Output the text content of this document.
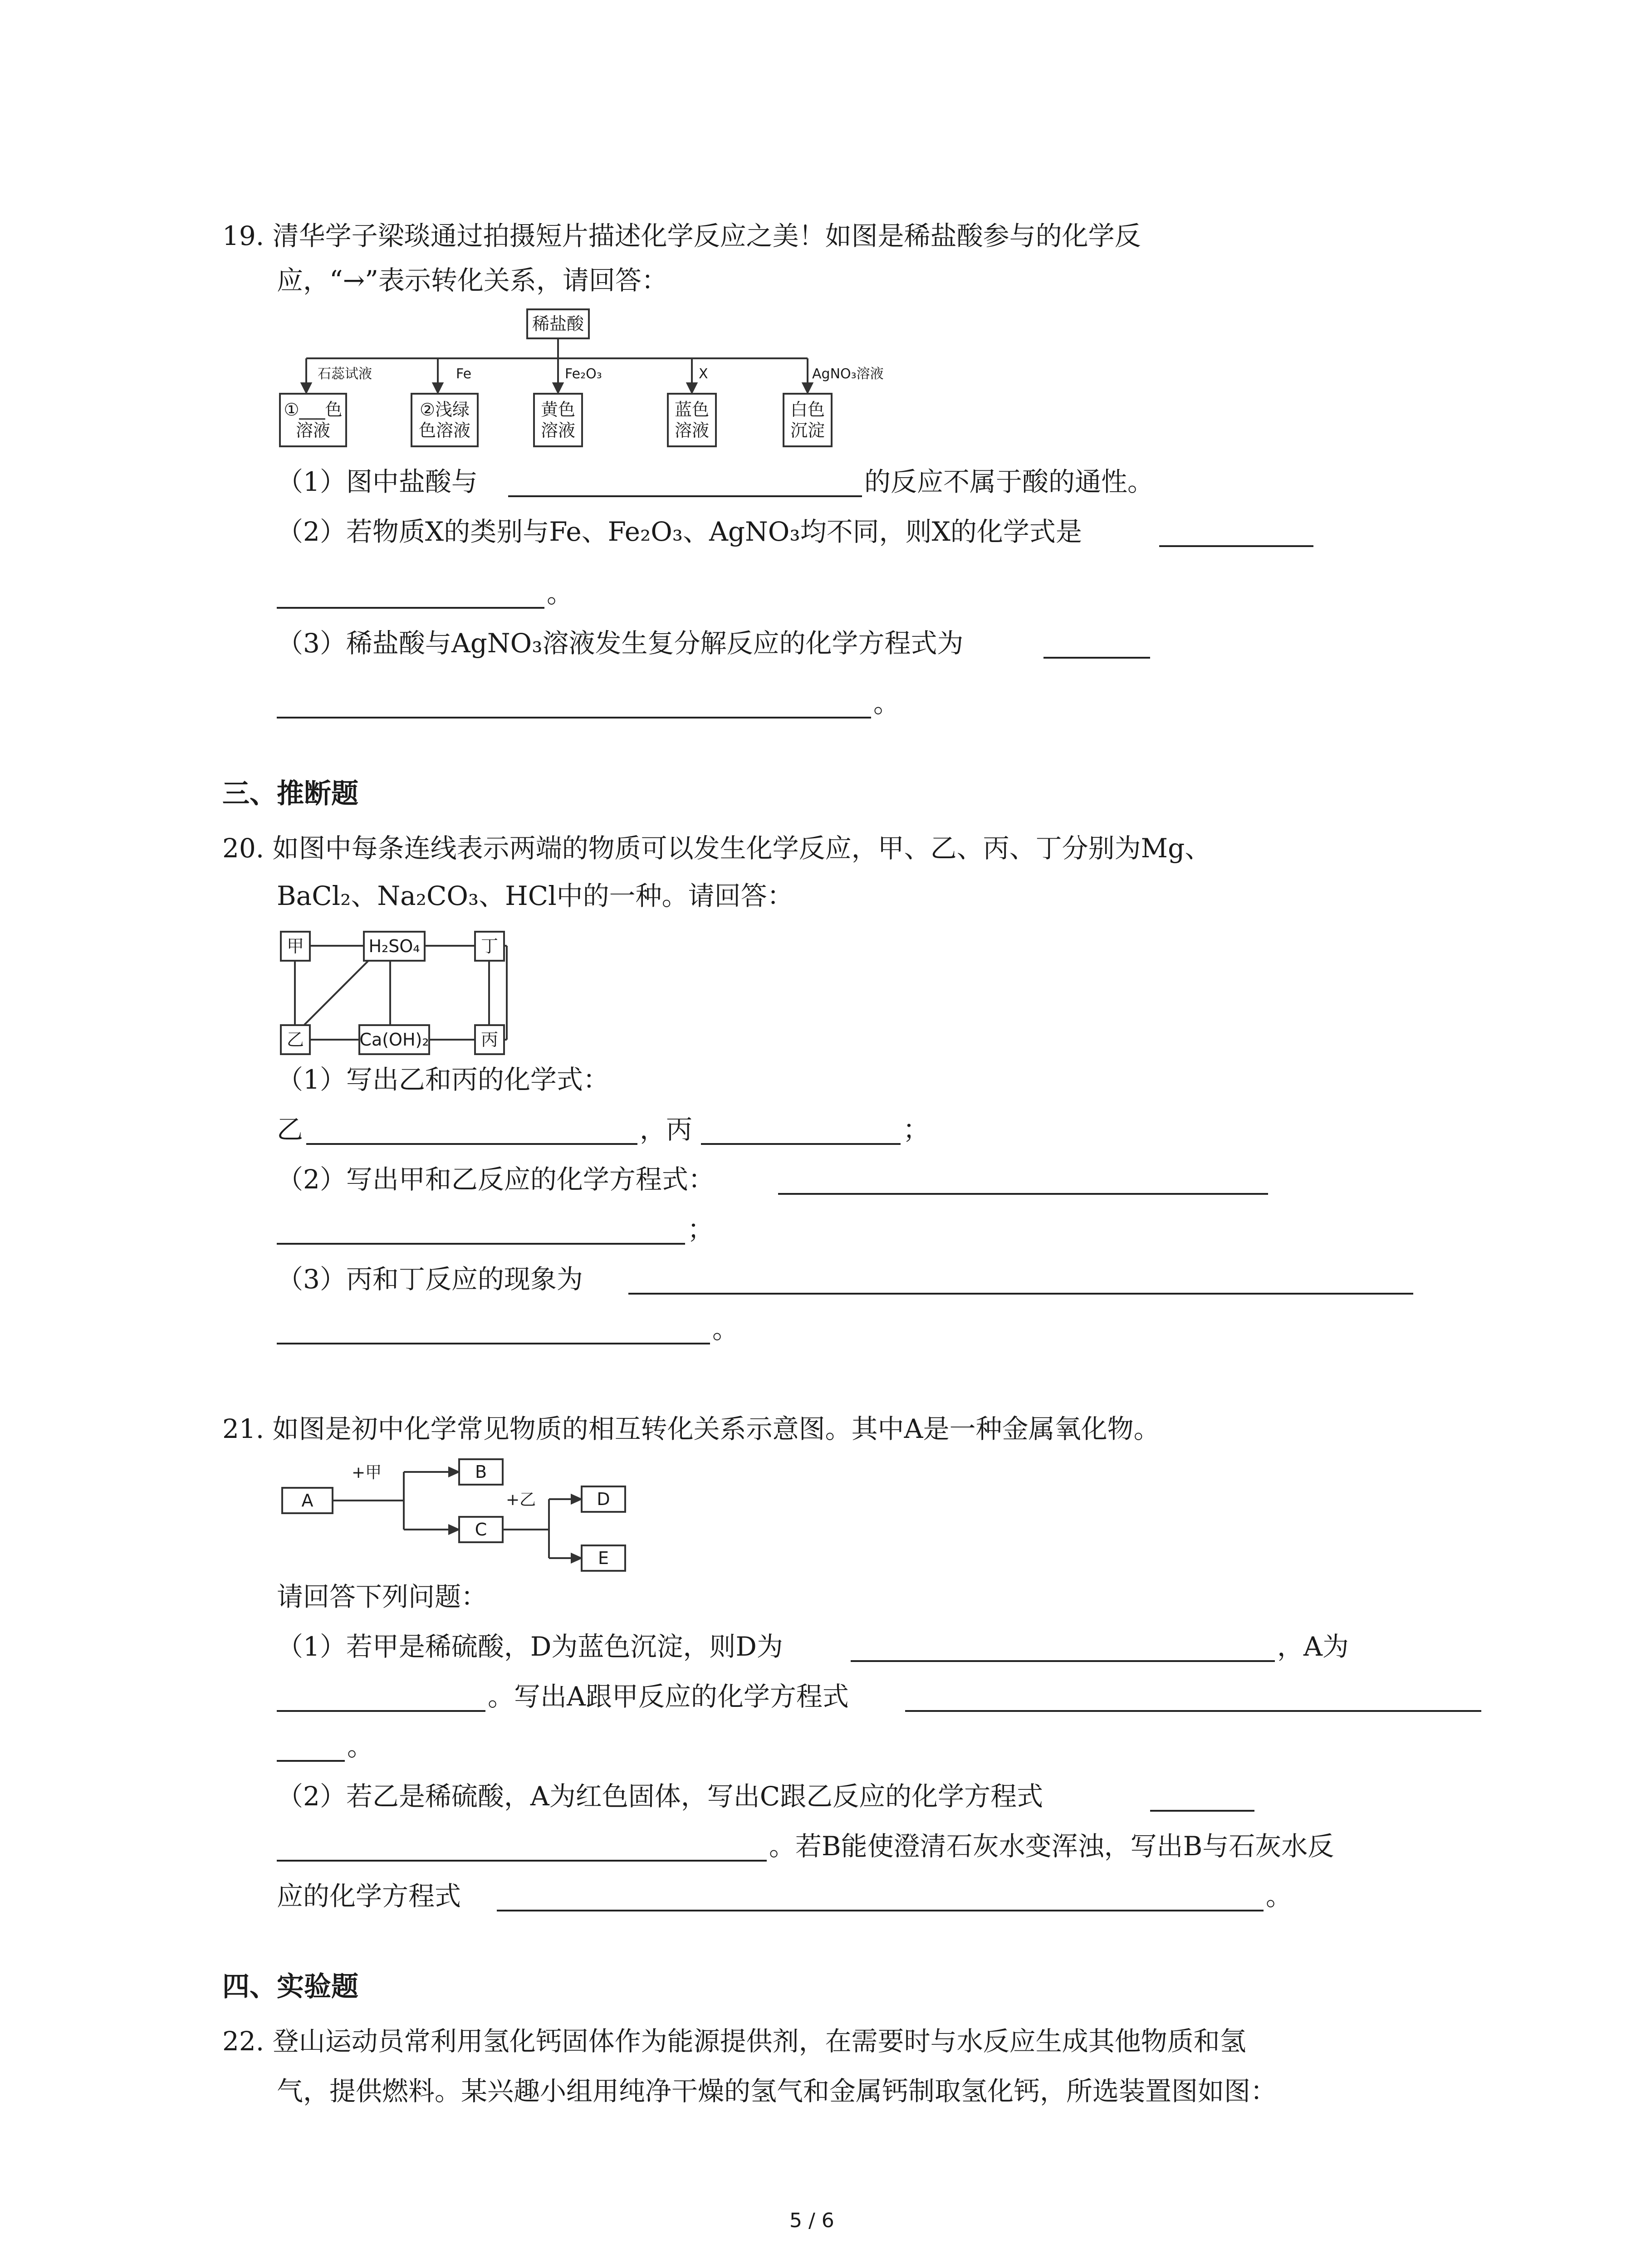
19. 清华学子梁琰通过拍摄短片描述化学反应之美！如图是稀盐酸参与的化学反
应，“→”表示转化关系，请回答：
稀盐酸
石蕊试液	Fe	Fe₂O₃	X	AgNO₃溶液
①___色溶液
②浅绿色溶液
黄色溶液
蓝色溶液
白色沉淀
（1）图中盐酸与	的反应不属于酸的通性。
（2）若物质X的类别与Fe、Fe₂O₃、AgNO₃均不同，则X的化学式是
。
（3）稀盐酸与AgNO₃溶液发生复分解反应的化学方程式为
。
三、推断题
20. 如图中每条连线表示两端的物质可以发生化学反应，甲、乙、丙、丁分别为Mg、
BaCl₂、Na₂CO₃、HCl中的一种。请回答：
甲	H₂SO₄	丁
乙	Ca(OH)₂	丙
（1）写出乙和丙的化学式：
乙	，丙	；
（2）写出甲和乙反应的化学方程式：
；
（3）丙和丁反应的现象为
。
21. 如图是初中化学常见物质的相互转化关系示意图。其中A是一种金属氧化物。
A
B
C
D
E
+甲
+乙
请回答下列问题：
（1）若甲是稀硫酸，D为蓝色沉淀，则D为	，A为
。写出A跟甲反应的化学方程式
。
（2）若乙是稀硫酸，A为红色固体，写出C跟乙反应的化学方程式
。若B能使澄清石灰水变浑浊，写出B与石灰水反
应的化学方程式	。
四、实验题
22. 登山运动员常利用氢化钙固体作为能源提供剂，在需要时与水反应生成其他物质和氢
气，提供燃料。某兴趣小组用纯净干燥的氢气和金属钙制取氢化钙，所选装置图如图：
5 / 6
